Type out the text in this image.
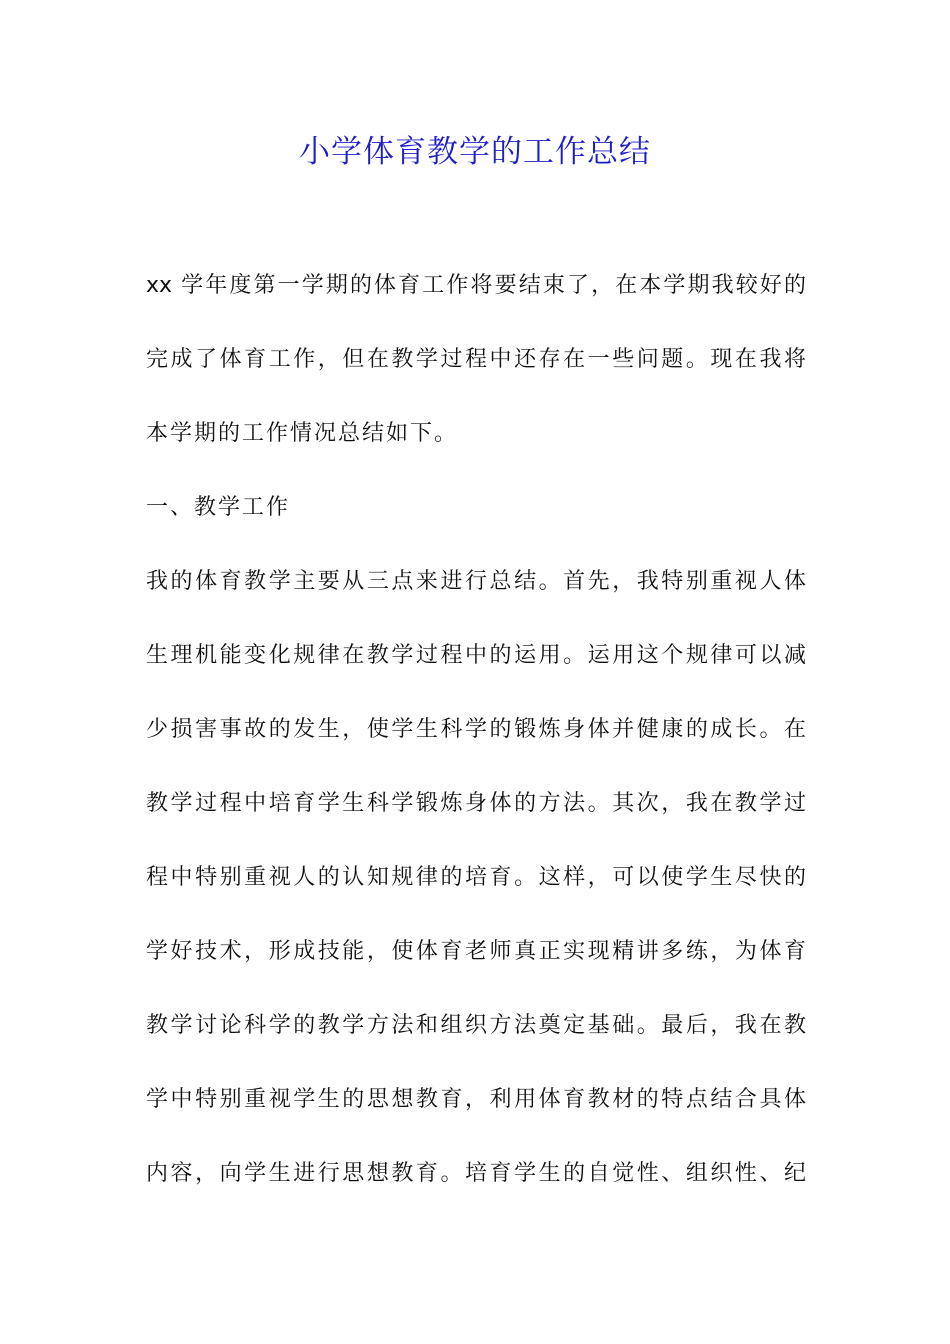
小学体育教学的工作总结
xx 学年度第一学期的体育工作将要结束了，在本学期我较好的
完成了体育工作，但在教学过程中还存在一些问题。现在我将
本学期的工作情况总结如下。
一、教学工作
我的体育教学主要从三点来进行总结。首先，我特别重视人体
生理机能变化规律在教学过程中的运用。运用这个规律可以减
少损害事故的发生，使学生科学的锻炼身体并健康的成长。在
教学过程中培育学生科学锻炼身体的方法。其次，我在教学过
程中特别重视人的认知规律的培育。这样，可以使学生尽快的
学好技术，形成技能，使体育老师真正实现精讲多练，为体育
教学讨论科学的教学方法和组织方法奠定基础。最后，我在教
学中特别重视学生的思想教育，利用体育教材的特点结合具体
内容，向学生进行思想教育。培育学生的自觉性、组织性、纪
